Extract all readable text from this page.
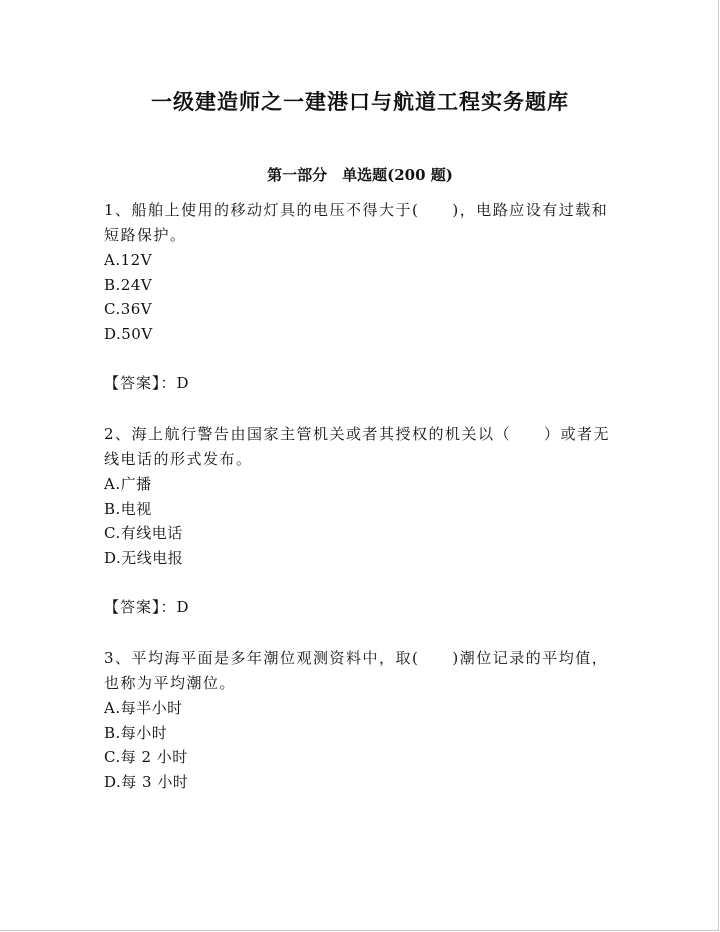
一级建造师之一建港口与航道工程实务题库
第一部分　单选题(200 题)

1、船舶上使用的移动灯具的电压不得大于(　　)，电路应设有过载和短路保护。

A.12V

B.24V

C.36V

D.50V

【答案】：D

2、海上航行警告由国家主管机关或者其授权的机关以（　　）或者无线电话的形式发布。

A.广播

B.电视

C.有线电话

D.无线电报

【答案】：D

3、平均海平面是多年潮位观测资料中，取(　　)潮位记录的平均值，也称为平均潮位。

A.每半小时

B.每小时

C.每 2 小时

D.每 3 小时
